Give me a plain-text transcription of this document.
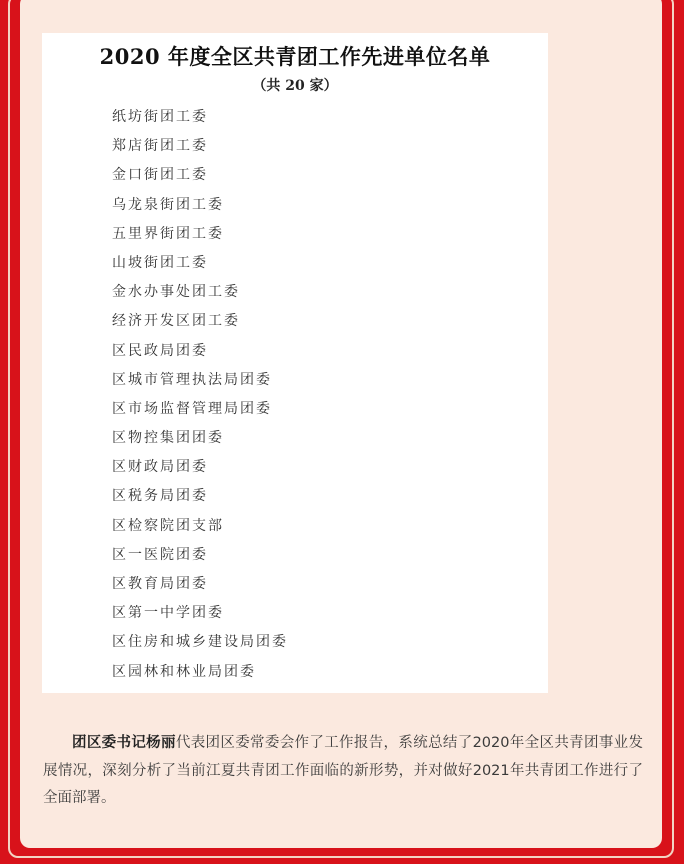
2020 年度全区共青团工作先进单位名单

（共 20 家）

纸坊街团工委
郑店街团工委
金口街团工委
乌龙泉街团工委
五里界街团工委
山坡街团工委
金水办事处团工委
经济开发区团工委
区民政局团委
区城市管理执法局团委
区市场监督管理局团委
区物控集团团委
区财政局团委
区税务局团委
区检察院团支部
区一医院团委
区教育局团委
区第一中学团委
区住房和城乡建设局团委
区园林和林业局团委

团区委书记杨丽代表团区委常委会作了工作报告，系统总结了2020年全区共青团事业发展情况，深刻分析了当前江夏共青团工作面临的新形势，并对做好2021年共青团工作进行了全面部署。
